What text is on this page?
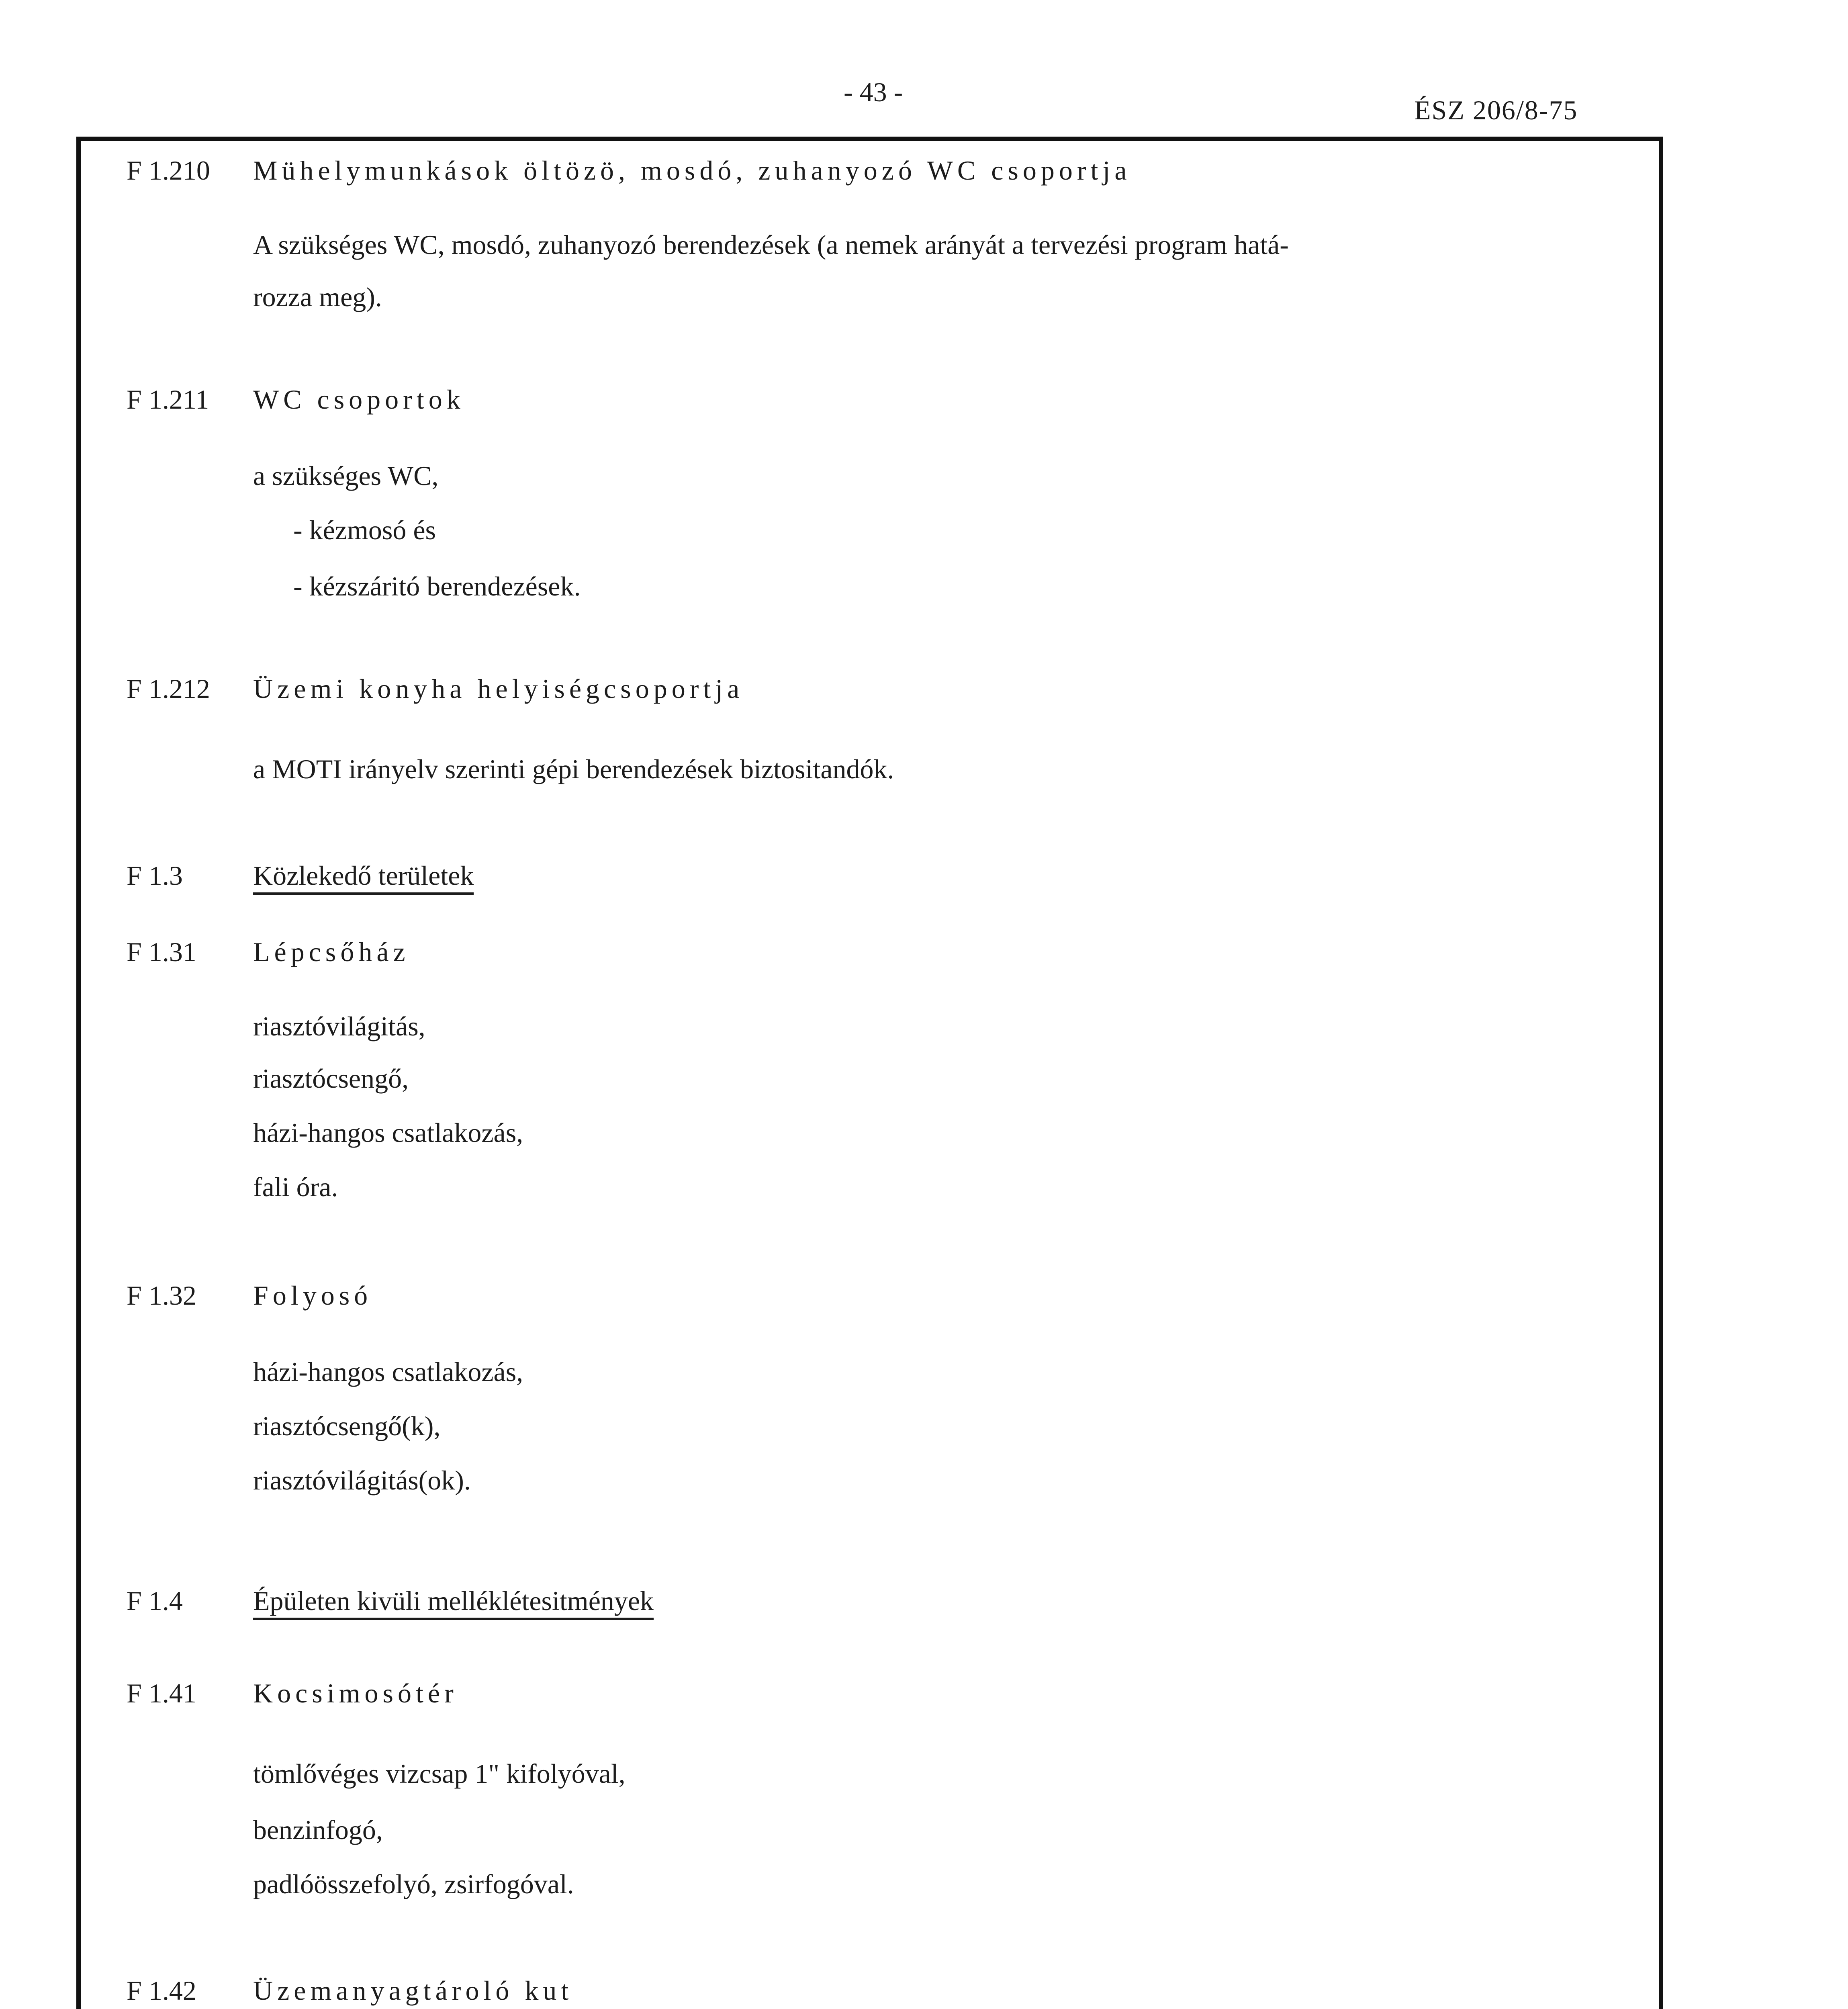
- 43 -
ÉSZ 206/8-75
F 1.210 Mühelymunkások öltözö, mosdó, zuhanyozó WC csoportja
A szükséges WC, mosdó, zuhanyozó berendezések (a nemek arányát a tervezési program hatá-
rozza meg).
F 1.211 WC csoportok
a szükséges WC,
- kézmosó és
- kézszáritó berendezések.
F 1.212 Üzemi konyha helyiségcsoportja
a MOTI irányelv szerinti gépi berendezések biztositandók.
F 1.3	Közlekedő területek
F 1.31 Lépcsőház
riasztóvilágitás,
riasztócsengő,
házi-hangos csatlakozás,
fali óra.
F 1.32 Folyosó
házi-hangos csatlakozás,
riasztócsengő(k),
riasztóvilágitás(ok).
F 1.4	Épületen kivüli melléklétesitmények
F 1.41 Kocsimosótér
tömlővéges vizcsap 1" kifolyóval,
benzinfogó,
padlóösszefolyó, zsirfogóval.
F 1.42 Üzemanyagtároló kut
